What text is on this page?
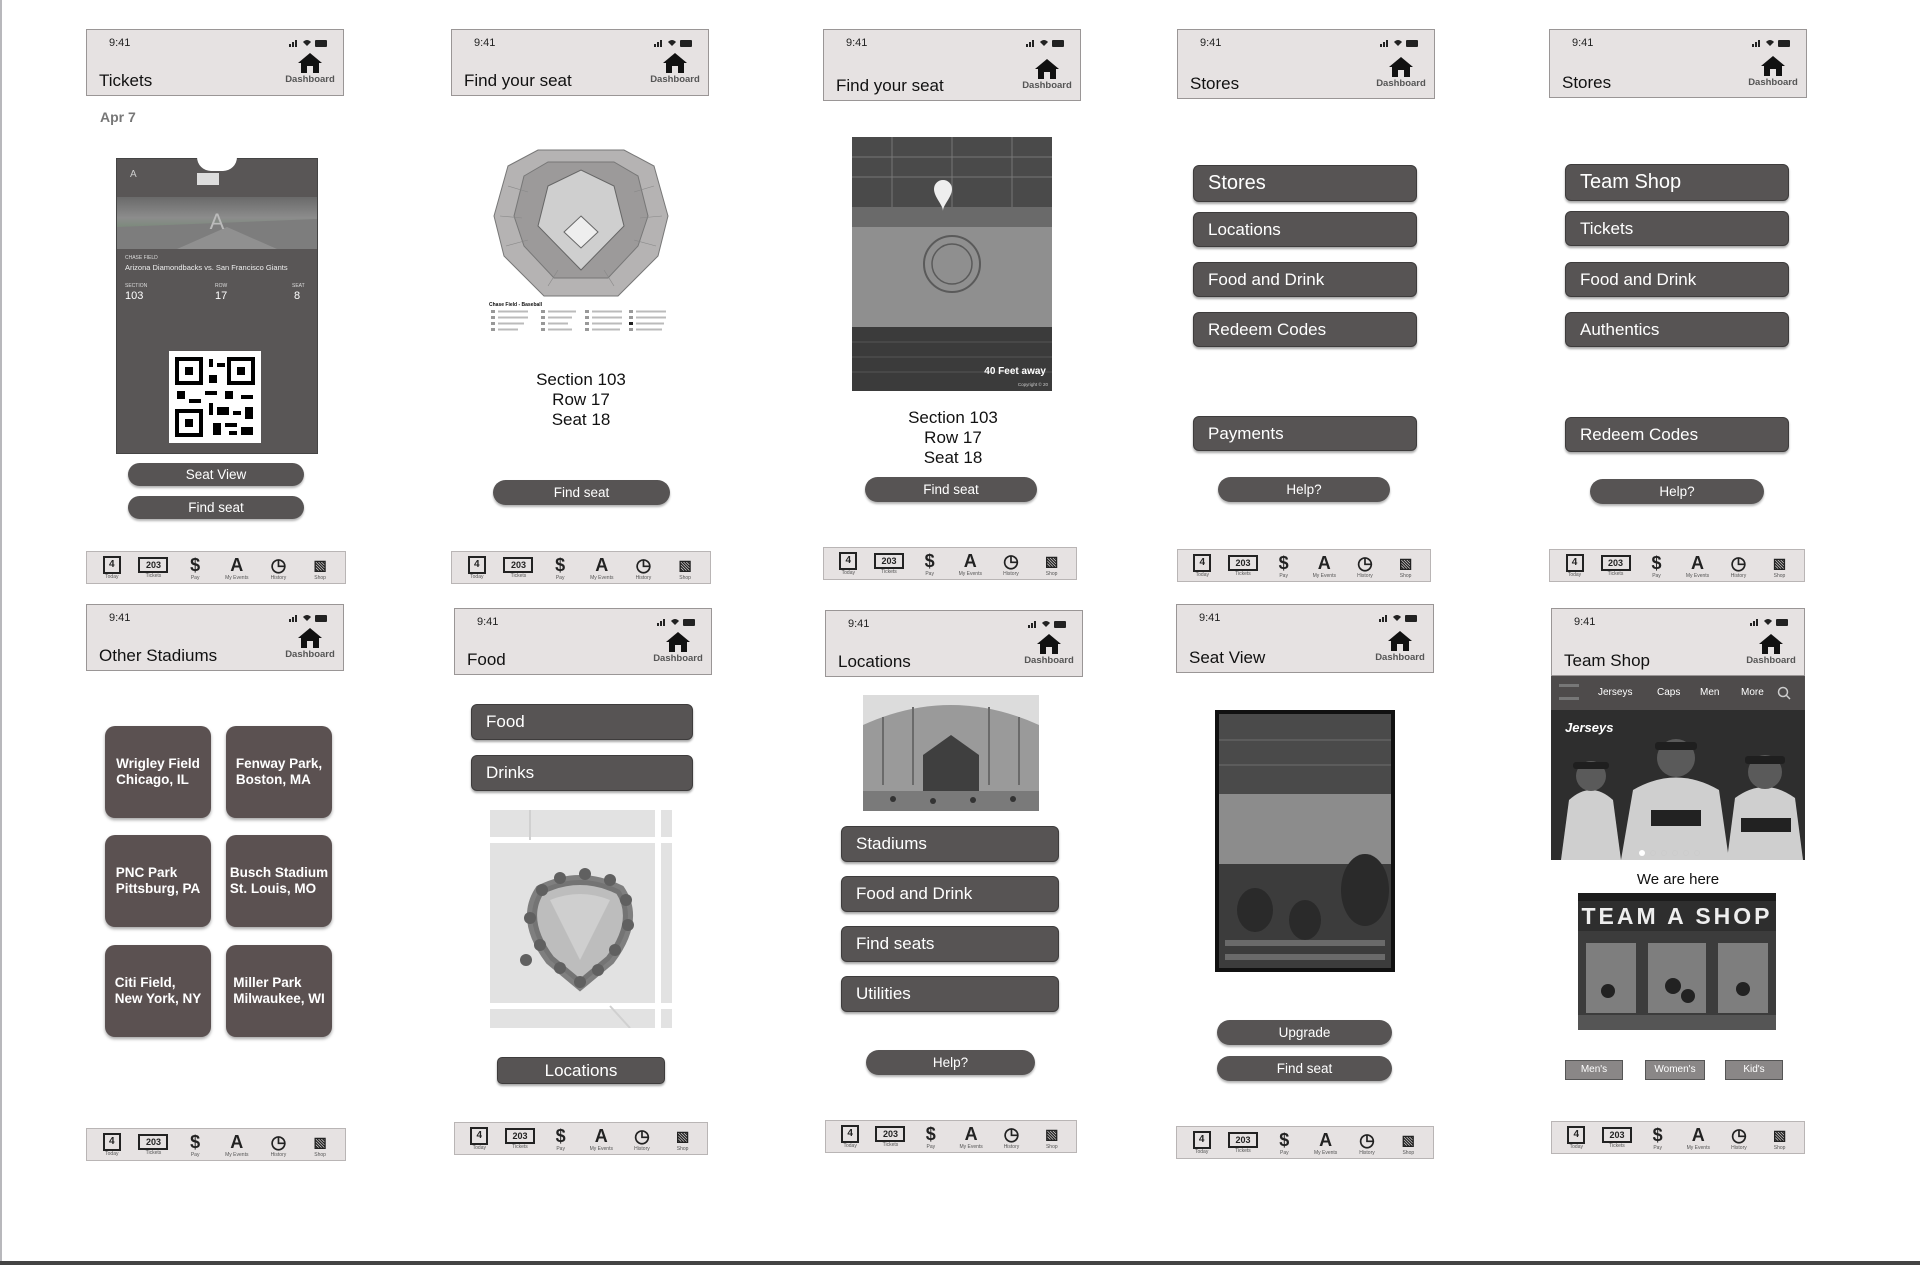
9:41
Tickets	Dashboard
Apr 7
A
A
CHASE FIELD
Arizona Diamondbacks vs. San Francisco Giants
SECTION	ROW	SEAT
103	17	8
Seat View
Find seat
4
Today
203
Tickets
$
Pay
A
My Events
◷
History
▧
Shop
9:41
Find your seat	Dashboard
Chase Field - Baseball
Section 103
Row 17
Seat 18
Find seat
4
Today
203
Tickets
$
Pay
A
My Events
◷
History
▧
Shop
9:41
Find your seat	Dashboard
40 Feet away
Copyright © 20
Section 103
Row 17
Seat 18
Find seat
4
Today
203
Tickets
$
Pay
A
My Events
◷
History
▧
Shop
9:41
Stores	Dashboard
Stores
Locations
Food and Drink
Redeem Codes
Payments
Help?
4
Today
203
Tickets
$
Pay
A
My Events
◷
History
▧
Shop
9:41
Stores	Dashboard
Team Shop
Tickets
Food and Drink
Authentics
Redeem Codes
Help?
4
Today
203
Tickets
$
Pay
A
My Events
◷
History
▧
Shop
9:41
Other Stadiums	Dashboard
Wrigley Field
Chicago, IL
Fenway Park,
Boston, MA
PNC Park
Pittsburg, PA
Busch Stadium
St. Louis, MO
Citi Field,
New York, NY
Miller Park
Milwaukee, WI
4
Today
203
Tickets
$
Pay
A
My Events
◷
History
▧
Shop
9:41
Food	Dashboard
Food
Drinks
Locations
4
Today
203
Tickets
$
Pay
A
My Events
◷
History
▧
Shop
9:41
Locations	Dashboard
Stadiums
Food and Drink
Find seats
Utilities
Help?
4
Today
203
Tickets
$
Pay
A
My Events
◷
History
▧
Shop
9:41
Seat View	Dashboard
Upgrade
Find seat
4
Today
203
Tickets
$
Pay
A
My Events
◷
History
▧
Shop
9:41
Team Shop	Dashboard
Jerseys Caps Men More
Jerseys
We are here
TEAM A SHOP
Men's	Women's	Kid's
4
Today
203
Tickets
$
Pay
A
My Events
◷
History
▧
Shop
